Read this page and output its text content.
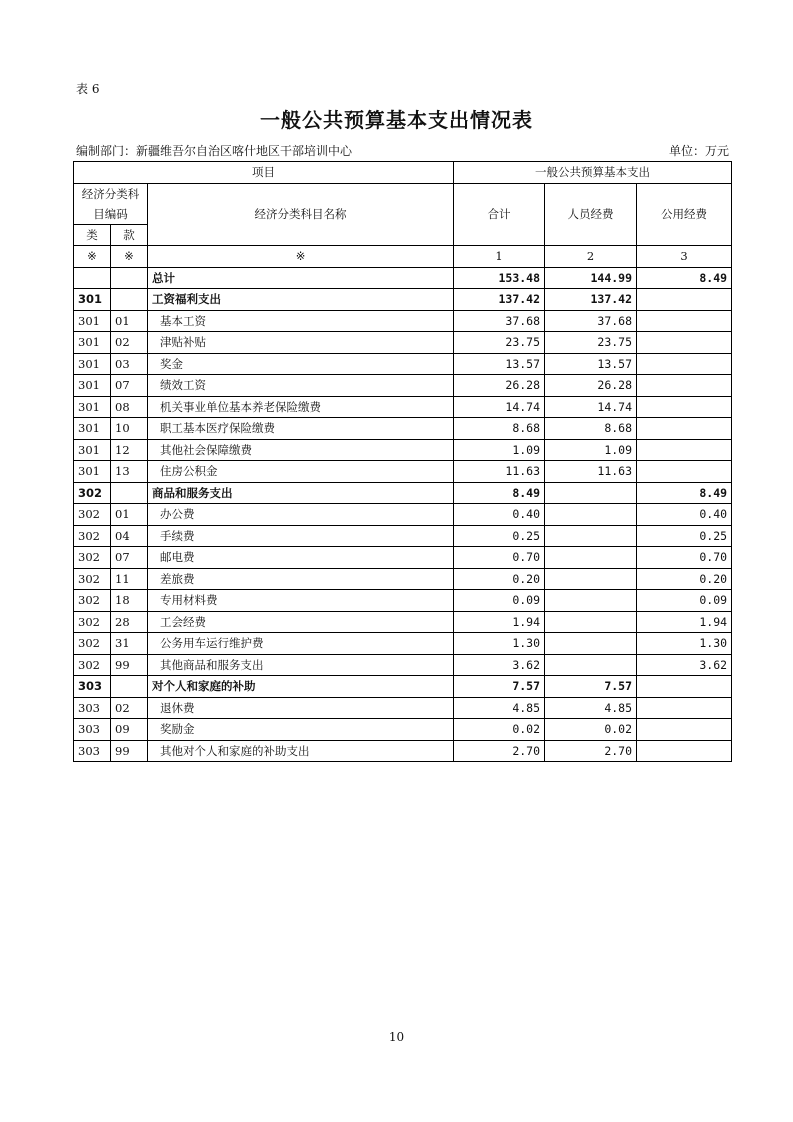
表 6
一般公共预算基本支出情况表
编制部门：新疆维吾尔自治区喀什地区干部培训中心	单位：万元
项目			一般公共预算基本支出		
经济分类科
目编码		经济分类科目名称	合计	人员经费	公用经费
类	款				
※	※	※	1	2	3
		总计	153.48	144.99	8.49
301		工资福利支出	137.42	137.42	
301	01	基本工资	37.68	37.68	
301	02	津贴补贴	23.75	23.75	
301	03	奖金	13.57	13.57	
301	07	绩效工资	26.28	26.28	
301	08	机关事业单位基本养老保险缴费	14.74	14.74	
301	10	职工基本医疗保险缴费	8.68	8.68	
301	12	其他社会保障缴费	1.09	1.09	
301	13	住房公积金	11.63	11.63	
302		商品和服务支出	8.49		8.49
302	01	办公费	0.40		0.40
302	04	手续费	0.25		0.25
302	07	邮电费	0.70		0.70
302	11	差旅费	0.20		0.20
302	18	专用材料费	0.09		0.09
302	28	工会经费	1.94		1.94
302	31	公务用车运行维护费	1.30		1.30
302	99	其他商品和服务支出	3.62		3.62
303		对个人和家庭的补助	7.57	7.57	
303	02	退休费	4.85	4.85	
303	09	奖励金	0.02	0.02	
303	99	其他对个人和家庭的补助支出	2.70	2.70	
10
